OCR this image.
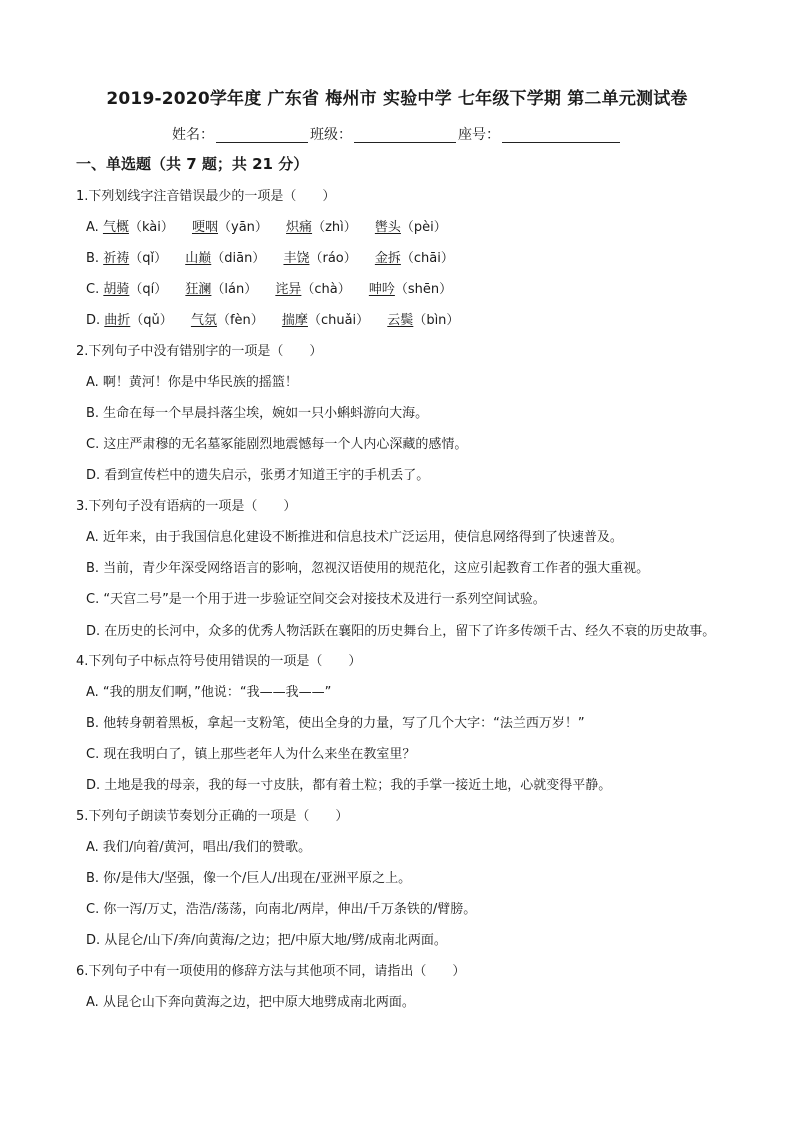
2019-2020学年度 广东省 梅州市 实验中学 七年级下学期 第二单元测试卷
姓名：	班级：	座号：
一、单选题（共 7 题；共 21 分）
1.下列划线字注音错误最少的一项是（　　）
A. 气概（kài） 哽咽（yān） 炽痛（zhì） 辔头（pèi）
B. 祈祷（qǐ） 山巅（diān） 丰饶（ráo） 金拆（chāi）
C. 胡骑（qí） 狂澜（lán） 诧异（chà） 呻吟（shēn）
D. 曲折（qǔ） 气氛（fèn） 揣摩（chuǎi） 云鬓（bìn）
2.下列句子中没有错别字的一项是（　　）
A. 啊！黄河！你是中华民族的摇篮！
B. 生命在每一个早晨抖落尘埃，婉如一只小蝌蚪游向大海。
C. 这庄严肃穆的无名墓冢能剧烈地震憾每一个人内心深藏的感情。
D. 看到宣传栏中的遗失启示，张勇才知道王宇的手机丢了。
3.下列句子没有语病的一项是（　　）
A. 近年来，由于我国信息化建设不断推进和信息技术广泛运用，使信息网络得到了快速普及。
B. 当前，青少年深受网络语言的影响，忽视汉语使用的规范化，这应引起教育工作者的强大重视。
C. “天宫二号”是一个用于进一步验证空间交会对接技术及进行一系列空间试验。
D. 在历史的长河中，众多的优秀人物活跃在襄阳的历史舞台上，留下了许多传颂千古、经久不衰的历史故事。
4.下列句子中标点符号使用错误的一项是（　　）
A. “我的朋友们啊，”他说：“我——我——”
B. 他转身朝着黑板，拿起一支粉笔，使出全身的力量，写了几个大字：“法兰西万岁！”
C. 现在我明白了，镇上那些老年人为什么来坐在教室里？
D. 土地是我的母亲，我的每一寸皮肤，都有着土粒；我的手掌一接近土地，心就变得平静。
5.下列句子朗读节奏划分正确的一项是（　　）
A. 我们/向着/黄河，唱出/我们的赞歌。
B. 你/是伟大/坚强，像一个/巨人/出现在/亚洲平原之上。
C. 你一泻/万丈，浩浩/荡荡，向南北/两岸，伸出/千万条铁的/臂膀。
D. 从昆仑/山下/奔/向黄海/之边；把/中原大地/劈/成南北两面。
6.下列句子中有一项使用的修辞方法与其他项不同，请指出（　　）
A. 从昆仑山下奔向黄海之边，把中原大地劈成南北两面。
